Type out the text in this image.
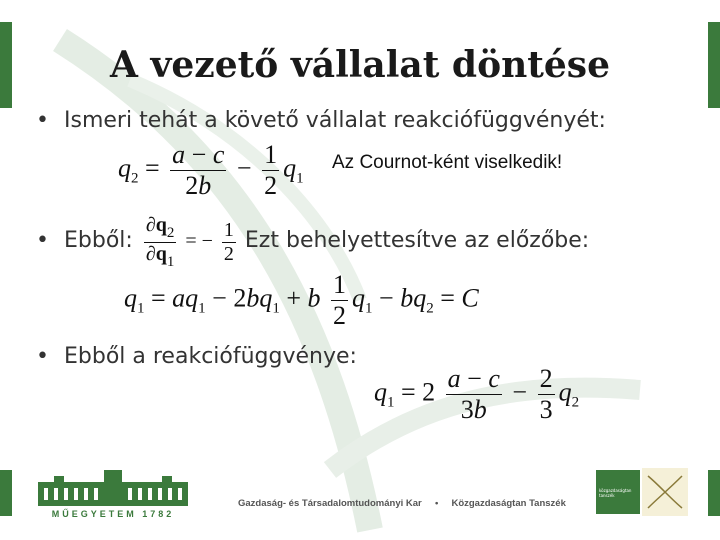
A vezető vállalat döntése
• Ismeri tehát a követő vállalat reakciófüggvényét:
$q_2 = \frac{a - c}{2b} - \frac{1}{2} q_1$
Az Cournot-ként viselkedik!
• Ebből: $\frac{\partial q_2}{\partial q_1}$ = − $\frac{1}{2}$ Ezt behelyettesítve az előzőbe:
$q_1 = aq_1 - 2bq_1 + b \frac{1}{2} q_1 - bq_2 = C$
• Ebből a reakciófüggvénye:
$q_1 = 2 \frac{a - c}{3b} - \frac{2}{3} q_2$
MŰEGYETEM 1782
Gazdaság- és Társadalomtudományi Kar • Közgazdaságtan Tanszék
közgazdaságtan tanszék
